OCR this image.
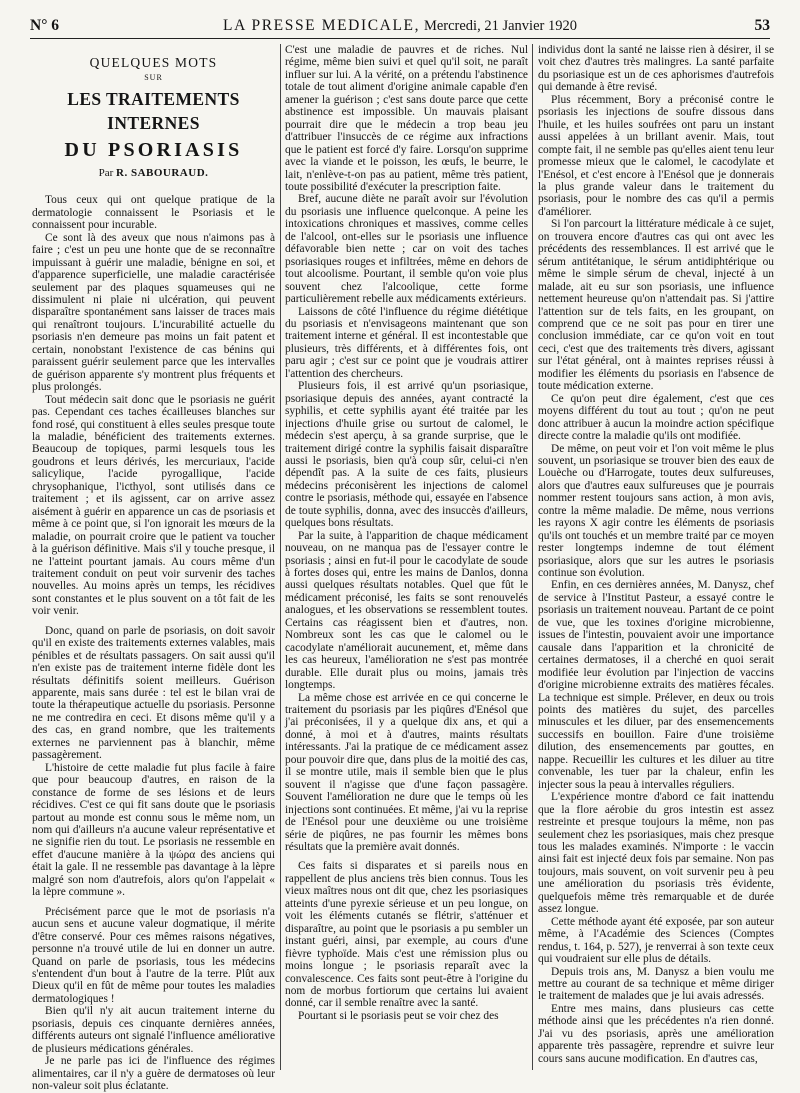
N° 6	LA PRESSE MEDICALE, Mercredi, 21 Janvier 1920	53
QUELQUES MOTS
SUR
LES TRAITEMENTS INTERNES
DU PSORIASIS
Par R. SABOURAUD.

Tous ceux qui ont quelque pratique de la dermatologie connaissent le Psoriasis et le connaissent pour incurable.

Ce sont là des aveux que nous n'aimons pas à faire ; c'est un peu une honte que de se reconnaître impuissant à guérir une maladie, bénigne en soi, et d'apparence superficielle, une maladie caractérisée seulement par des plaques squameuses qui ne dissimulent ni plaie ni ulcération, qui peuvent disparaître spontanément sans laisser de traces mais qui renaîtront toujours. L'incurabilité actuelle du psoriasis n'en demeure pas moins un fait patent et certain, nonobstant l'existence de cas bénins qui paraissent guérir seulement parce que les intervalles de guérison apparente s'y montrent plus fréquents et plus prolongés.

Tout médecin sait donc que le psoriasis ne guérit pas. Cependant ces taches écailleuses blanches sur fond rosé, qui constituent à elles seules presque toute la maladie, bénéficient des traitements externes. Beaucoup de topiques, parmi lesquels tous les goudrons et leurs dérivés, les mercuriaux, l'acide salicylique, l'acide pyrogallique, l'acide chrysophanique, l'icthyol, sont utilisés dans ce traitement ; et ils agissent, car on arrive assez aisément à guérir en apparence un cas de psoriasis et même à ce point que, si l'on ignorait les mœurs de la maladie, on pourrait croire que le patient va toucher à la guérison définitive. Mais s'il y touche presque, il ne l'atteint pourtant jamais. Au cours même d'un traitement conduit on peut voir survenir des taches nouvelles. Au moins après un temps, les récidives sont constantes et le plus souvent on a tôt fait de les voir venir.

Donc, quand on parle de psoriasis, on doit savoir qu'il en existe des traitements externes valables, mais pénibles et de résultats passagers. On sait aussi qu'il n'en existe pas de traitement interne fidèle dont les résultats définitifs soient meilleurs. Guérison apparente, mais sans durée : tel est le bilan vrai de toute la thérapeutique actuelle du psoriasis. Personne ne me contredira en ceci. Et disons même qu'il y a des cas, en grand nombre, que les traitements externes ne parviennent pas à blanchir, même passagèrement.

L'histoire de cette maladie fut plus facile à faire que pour beaucoup d'autres, en raison de la constance de forme de ses lésions et de leurs récidives. C'est ce qui fit sans doute que le psoriasis partout au monde est connu sous le même nom, un nom qui d'ailleurs n'a aucune valeur représentative et ne signifie rien du tout. Le psoriasis ne ressemble en effet d'aucune manière à la ψώρα des anciens qui était la gale. Il ne ressemble pas davantage à la lèpre malgré son nom d'autrefois, alors qu'on l'appelait « la lèpre commune ».

Précisément parce que le mot de psoriasis n'a aucun sens et aucune valeur dogmatique, il mérite d'être conservé. Pour ces mêmes raisons négatives, personne n'a trouvé utile de lui en donner un autre. Quand on parle de psoriasis, tous les médecins s'entendent d'un bout à l'autre de la terre. Plût aux Dieux qu'il en fût de même pour toutes les maladies dermatologiques !

Bien qu'il n'y ait aucun traitement interne du psoriasis, depuis ces cinquante dernières années, différents auteurs ont signalé l'influence améliorative de plusieurs médications générales.

Je ne parle pas ici de l'influence des régimes alimentaires, car il n'y a guère de dermatoses où leur non-valeur soit plus éclatante.

C'est une maladie de pauvres et de riches. Nul régime, même bien suivi et quel qu'il soit, ne paraît influer sur lui. A la vérité, on a prétendu l'abstinence totale de tout aliment d'origine animale capable d'en amener la guérison ; c'est sans doute parce que cette abstinence est impossible. Un mauvais plaisant pourrait dire que le médecin a trop beau jeu d'attribuer l'insuccès de ce régime aux infractions que le patient est forcé d'y faire. Lorsqu'on supprime avec la viande et le poisson, les œufs, le beurre, le lait, n'enlève-t-on pas au patient, même très patient, toute possibilité d'exécuter la prescription faite.

Bref, aucune diète ne paraît avoir sur l'évolution du psoriasis une influence quelconque. A peine les intoxications chroniques et massives, comme celles de l'alcool, ont-elles sur le psoriasis une influence défavorable bien nette ; car on voit des taches psoriasiques rouges et infiltrées, même en dehors de tout alcoolisme. Pourtant, il semble qu'on voie plus souvent chez l'alcoolique, cette forme particulièrement rebelle aux médicaments extérieurs.

Laissons de côté l'influence du régime diététique du psoriasis et n'envisageons maintenant que son traitement interne et général. Il est incontestable que plusieurs, très différents, et à différentes fois, ont paru agir ; c'est sur ce point que je voudrais attirer l'attention des chercheurs.

Plusieurs fois, il est arrivé qu'un psoriasique, psoriasique depuis des années, ayant contracté la syphilis, et cette syphilis ayant été traitée par les injections d'huile grise ou surtout de calomel, le médecin s'est aperçu, à sa grande surprise, que le traitement dirigé contre la syphilis faisait disparaître aussi le psoriasis, bien qu'à coup sûr, celui-ci n'en dépendît pas. A la suite de ces faits, plusieurs médecins préconisèrent les injections de calomel contre le psoriasis, méthode qui, essayée en l'absence de toute syphilis, donna, avec des insuccès d'ailleurs, quelques bons résultats.

Par la suite, à l'apparition de chaque médicament nouveau, on ne manqua pas de l'essayer contre le psoriasis ; ainsi en fut-il pour le cacodylate de soude à fortes doses qui, entre les mains de Danlos, donna aussi quelques résultats notables. Quel que fût le médicament préconisé, les faits se sont renouvelés analogues, et les observations se ressemblent toutes. Certains cas réagissent bien et d'autres, non. Nombreux sont les cas que le calomel ou le cacodylate n'améliorait aucunement, et, même dans les cas heureux, l'amélioration ne s'est pas montrée durable. Elle durait plus ou moins, jamais très longtemps.

La même chose est arrivée en ce qui concerne le traitement du psoriasis par les piqûres d'Enésol que j'ai préconisées, il y a quelque dix ans, et qui a donné, à moi et à d'autres, maints résultats intéressants. J'ai la pratique de ce médicament assez pour pouvoir dire que, dans plus de la moitié des cas, il se montre utile, mais il semble bien que le plus souvent il n'agisse que d'une façon passagère. Souvent l'amélioration ne dure que le temps où les injections sont continuées. Et même, j'ai vu la reprise de l'Enésol pour une deuxième ou une troisième série de piqûres, ne pas fournir les mêmes bons résultats que la première avait donnés.

Ces faits si disparates et si pareils nous en rappellent de plus anciens très bien connus. Tous les vieux maîtres nous ont dit que, chez les psoriasiques atteints d'une pyrexie sérieuse et un peu longue, on voit les éléments cutanés se flétrir, s'atténuer et disparaître, au point que le psoriasis a pu sembler un instant guéri, ainsi, par exemple, au cours d'une fièvre typhoïde. Mais c'est une rémission plus ou moins longue ; le psoriasis reparaît avec la convalescence. Ces faits sont peut-être à l'origine du nom de morbus fortiorum que certains lui avaient donné, car il semble renaître avec la santé.

Pourtant si le psoriasis peut se voir chez des

individus dont la santé ne laisse rien à désirer, il se voit chez d'autres très malingres. La santé parfaite du psoriasique est un de ces aphorismes d'autrefois qui demande à être revisé.

Plus récemment, Bory a préconisé contre le psoriasis les injections de soufre dissous dans l'huile, et les huiles soufrées ont paru un instant aussi appelées à un brillant avenir. Mais, tout compte fait, il ne semble pas qu'elles aient tenu leur promesse mieux que le calomel, le cacodylate et l'Enésol, et c'est encore à l'Enésol que je donnerais la plus grande valeur dans le traitement du psoriasis, pour le nombre des cas qu'il a permis d'améliorer.

Si l'on parcourt la littérature médicale à ce sujet, on trouvera encore d'autres cas qui ont avec les précédents des ressemblances. Il est arrivé que le sérum antitétanique, le sérum antidiphtérique ou même le simple sérum de cheval, injecté à un malade, ait eu sur son psoriasis, une influence nettement heureuse qu'on n'attendait pas. Si j'attire l'attention sur de tels faits, en les groupant, on comprend que ce ne soit pas pour en tirer une conclusion immédiate, car ce qu'on voit en tout ceci, c'est que des traitements très divers, agissant sur l'état général, ont à maintes reprises réussi à modifier les éléments du psoriasis en l'absence de toute médication externe.

Ce qu'on peut dire également, c'est que ces moyens différent du tout au tout ; qu'on ne peut donc attribuer à aucun la moindre action spécifique directe contre la maladie qu'ils ont modifiée.

De même, on peut voir et l'on voit même le plus souvent, un psoriasique se trouver bien des eaux de Louèche ou d'Harrogate, toutes deux sulfureuses, alors que d'autres eaux sulfureuses que je pourrais nommer restent toujours sans action, à mon avis, contre la même maladie. De même, nous verrions les rayons X agir contre les éléments de psoriasis qu'ils ont touchés et un membre traité par ce moyen rester longtemps indemne de tout élément psoriasique, alors que sur les autres le psoriasis continue son évolution.

Enfin, en ces dernières années, M. Danysz, chef de service à l'Institut Pasteur, a essayé contre le psoriasis un traitement nouveau. Partant de ce point de vue, que les toxines d'origine microbienne, issues de l'intestin, pouvaient avoir une importance causale dans l'apparition et la chronicité de certaines dermatoses, il a cherché en quoi serait modifiée leur évolution par l'injection de vaccins d'origine microbienne extraits des matières fécales. La technique est simple. Prélever, en deux ou trois points des matières du sujet, des parcelles minuscules et les diluer, par des ensemencements successifs en bouillon. Faire d'une troisième dilution, des ensemencements par gouttes, en nappe. Recueillir les cultures et les diluer au titre convenable, les tuer par la chaleur, enfin les injecter sous la peau à intervalles réguliers.

L'expérience montre d'abord ce fait inattendu que la flore aérobie du gros intestin est assez restreinte et presque toujours la même, non pas seulement chez les psoriasiques, mais chez presque tous les malades examinés. N'importe : le vaccin ainsi fait est injecté deux fois par semaine. Non pas toujours, mais souvent, on voit survenir peu à peu une amélioration du psoriasis très évidente, quelquefois même très remarquable et de durée assez longue.

Cette méthode ayant été exposée, par son auteur même, à l'Académie des Sciences (Comptes rendus, t. 164, p. 527), je renverrai à son texte ceux qui voudraient sur elle plus de détails.

Depuis trois ans, M. Danysz a bien voulu me mettre au courant de sa technique et même diriger le traitement de malades que je lui avais adressés.

Entre mes mains, dans plusieurs cas cette méthode ainsi que les précédentes n'a rien donné. J'ai vu des psoriasis, après une amélioration apparente très passagère, reprendre et suivre leur cours sans aucune modification. En d'autres cas,
